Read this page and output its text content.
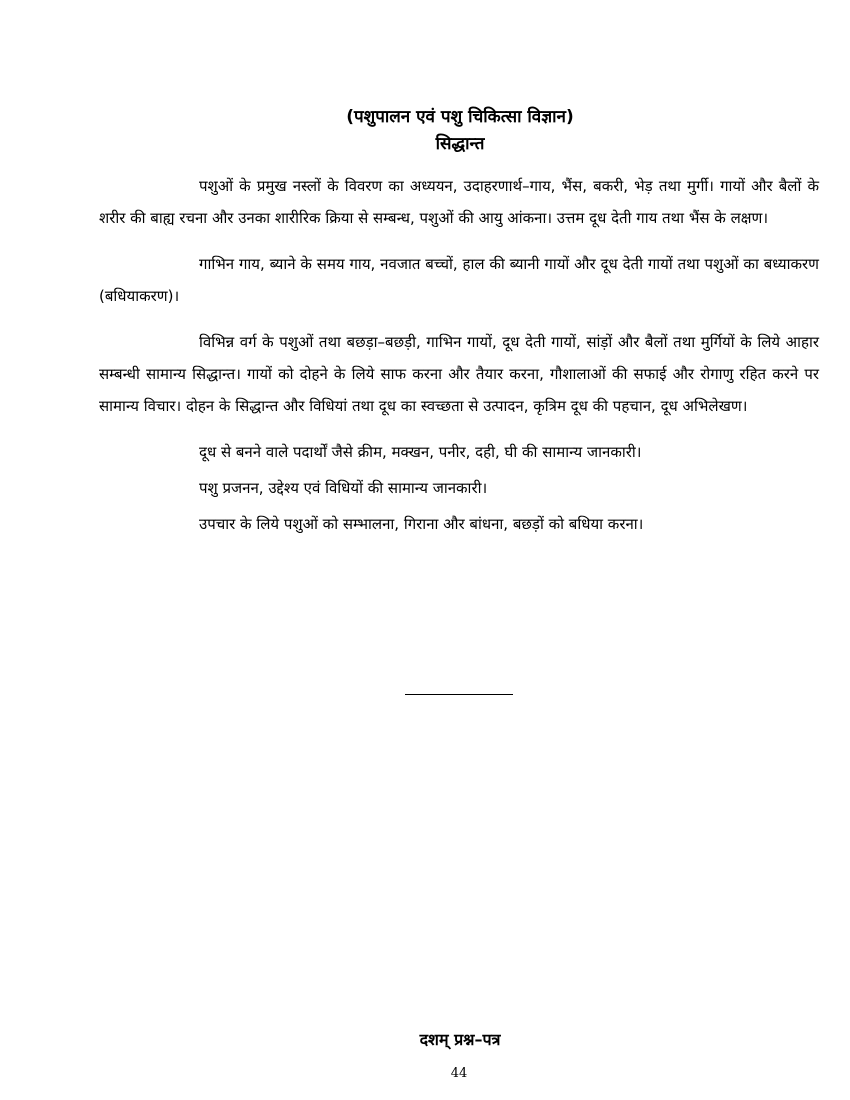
(पशुपालन एवं पशु चिकित्सा विज्ञान)
सिद्धान्त

पशुओं के प्रमुख नस्लों के विवरण का अध्ययन, उदाहरणार्थ–गाय, भैंस, बकरी, भेड़ तथा मुर्गी। गायों और बैलों के शरीर की बाह्य रचना और उनका शारीरिक क्रिया से सम्बन्ध, पशुओं की आयु आंकना। उत्तम दूध देती गाय तथा भैंस के लक्षण।

गाभिन गाय, ब्याने के समय गाय, नवजात बच्चों, हाल की ब्यानी गायों और दूध देती गायों तथा पशुओं का बध्याकरण (बधियाकरण)।

विभिन्न वर्ग के पशुओं तथा बछड़ा–बछड़ी, गाभिन गायों, दूध देती गायों, सांड़ों और बैलों तथा मुर्गियों के लिये आहार सम्बन्धी सामान्य सिद्धान्त। गायों को दोहने के लिये साफ करना और तैयार करना, गौशालाओं की सफाई और रोगाणु रहित करने पर सामान्य विचार। दोहन के सिद्धान्त और विधियां तथा दूध का स्वच्छता से उत्पादन, कृत्रिम दूध की पहचान, दूध अभिलेखण।

दूध से बनने वाले पदार्थों जैसे क्रीम, मक्खन, पनीर, दही, घी की सामान्य जानकारी।

पशु प्रजनन, उद्देश्य एवं विधियों की सामान्य जानकारी।

उपचार के लिये पशुओं को सम्भालना, गिराना और बांधना, बछड़ों को बधिया करना।

दशम् प्रश्न–पत्र
44
